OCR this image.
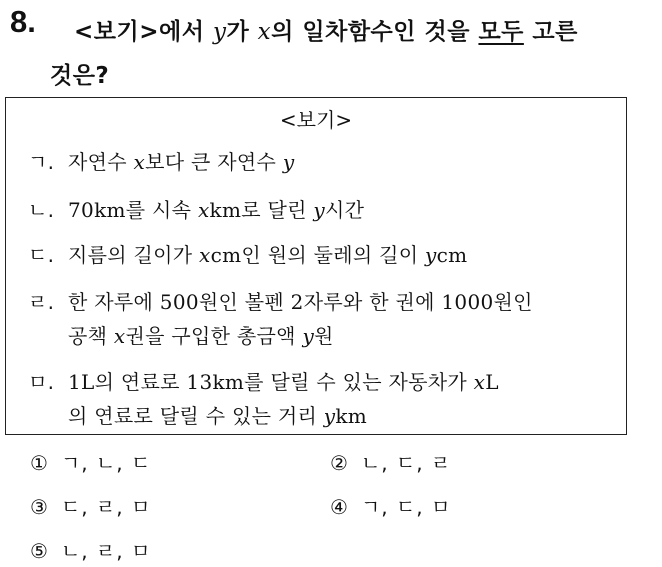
8. <보기>에서 y가 x의 일차함수인 것을 모두 고른
것은?
<보기>
ㄱ. 자연수 x보다 큰 자연수 y
ㄴ. 70km를 시속 xkm로 달린 y시간
ㄷ. 지름의 길이가 xcm인 원의 둘레의 길이 ycm
ㄹ. 한 자루에 500원인 볼펜 2자루와 한 권에 1000원인
공책 x권을 구입한 총금액 y원
ㅁ. 1L의 연료로 13km를 달릴 수 있는 자동차가 xL
의 연료로 달릴 수 있는 거리 ykm
① ㄱ, ㄴ, ㄷ	② ㄴ, ㄷ, ㄹ
③ ㄷ, ㄹ, ㅁ	④ ㄱ, ㄷ, ㅁ
⑤ ㄴ, ㄹ, ㅁ
